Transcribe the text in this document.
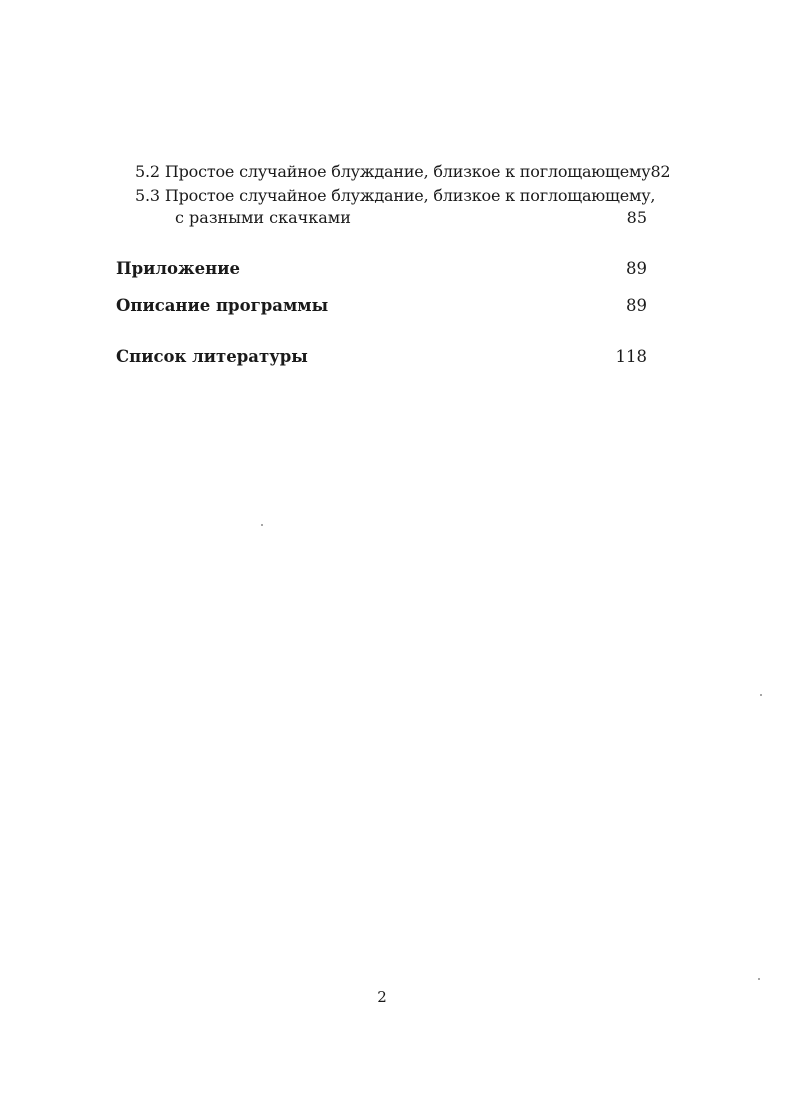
5.2 Простое случайное блуждание, близкое к поглощающему 82
5.3 Простое случайное блуждание, близкое к поглощающему,
с разными скачками	85
Приложение	89
Описание программы	89
Список литературы	118
2
